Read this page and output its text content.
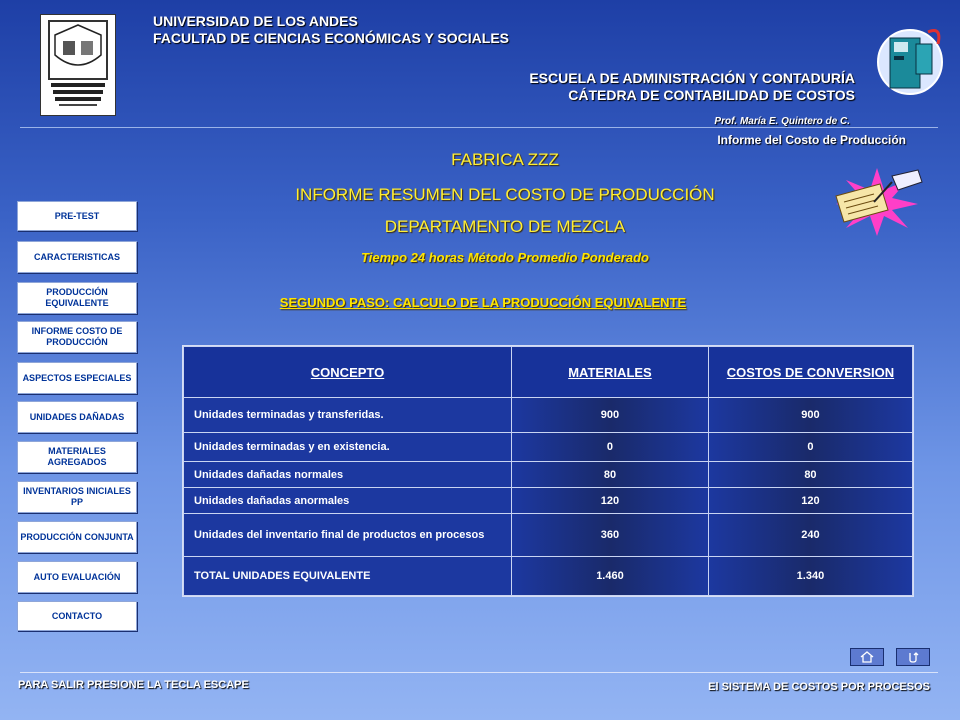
UNIVERSIDAD DE LOS ANDES
FACULTAD DE CIENCIAS ECONÓMICAS Y SOCIALES
ESCUELA DE ADMINISTRACIÓN Y CONTADURÍA
CÁTEDRA DE CONTABILIDAD DE COSTOS
Prof. María E. Quintero de C.
Informe del Costo de Producción
FABRICA ZZZ
INFORME RESUMEN DEL COSTO DE PRODUCCIÓN
DEPARTAMENTO DE MEZCLA
Tiempo 24 horas Método Promedio Ponderado
SEGUNDO PASO: CALCULO DE LA PRODUCCIÓN EQUIVALENTE
PRE-TEST
CARACTERISTICAS
PRODUCCIÓN EQUIVALENTE
INFORME COSTO DE PRODUCCIÓN
ASPECTOS ESPECIALES
UNIDADES DAÑADAS
MATERIALES AGREGADOS
INVENTARIOS INICIALES PP
PRODUCCIÓN CONJUNTA
AUTO EVALUACIÓN
CONTACTO
CONCEPTO	MATERIALES	COSTOS DE CONVERSION
Unidades terminadas y transferidas.	900	900
Unidades terminadas y en existencia.	0	0
Unidades dañadas normales	80	80
Unidades dañadas anormales	120	120
Unidades del inventario final de productos en procesos	360	240
TOTAL UNIDADES EQUIVALENTE	1.460	1.340
PARA SALIR PRESIONE LA TECLA ESCAPE	El SISTEMA DE COSTOS POR PROCESOS
